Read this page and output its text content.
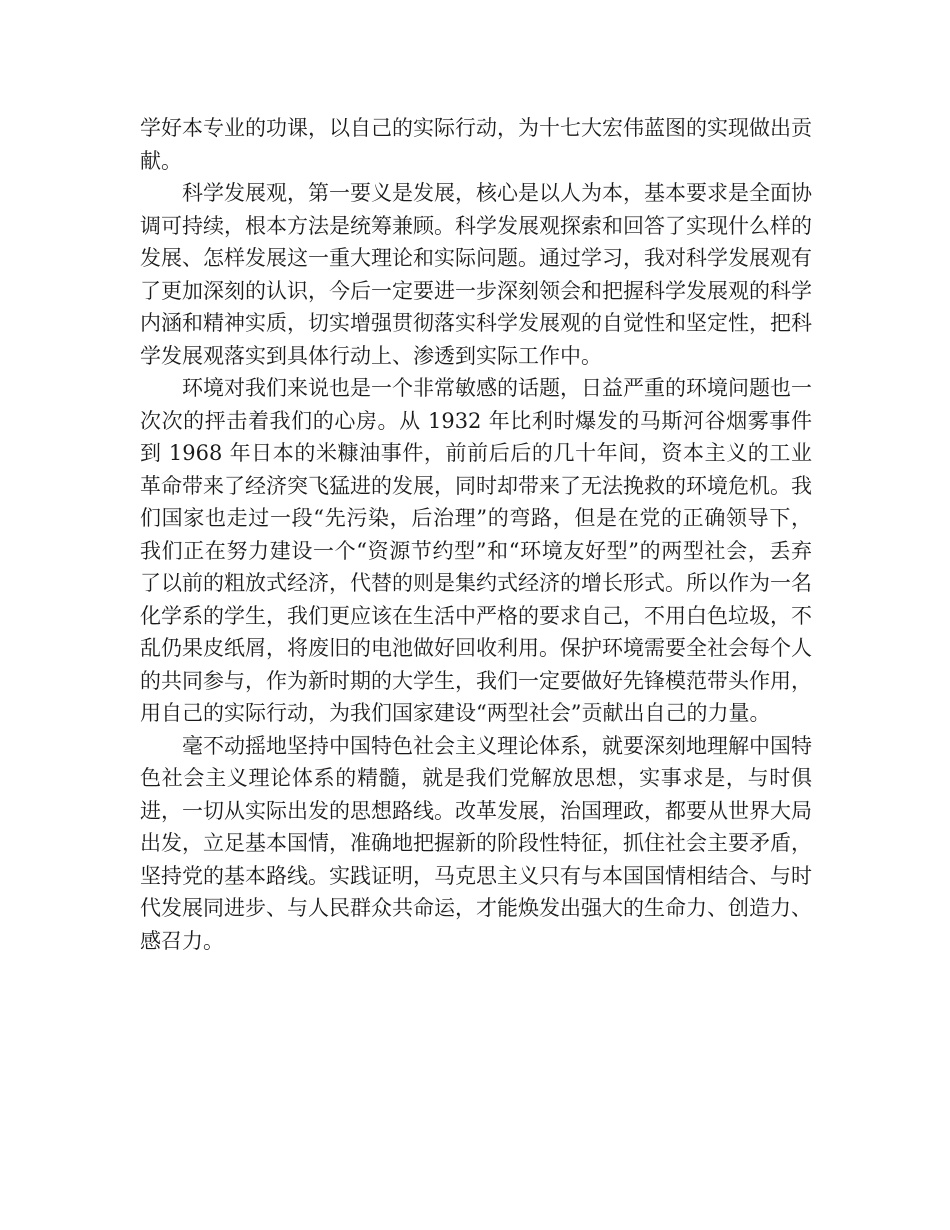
学好本专业的功课，以自己的实际行动，为十七大宏伟蓝图的实现做出贡献。

科学发展观，第一要义是发展，核心是以人为本，基本要求是全面协调可持续，根本方法是统筹兼顾。科学发展观探索和回答了实现什么样的发展、怎样发展这一重大理论和实际问题。通过学习，我对科学发展观有了更加深刻的认识，今后一定要进一步深刻领会和把握科学发展观的科学内涵和精神实质，切实增强贯彻落实科学发展观的自觉性和坚定性，把科学发展观落实到具体行动上、渗透到实际工作中。

环境对我们来说也是一个非常敏感的话题，日益严重的环境问题也一次次的抨击着我们的心房。从 1932 年比利时爆发的马斯河谷烟雾事件到 1968 年日本的米糠油事件，前前后后的几十年间，资本主义的工业革命带来了经济突飞猛进的发展，同时却带来了无法挽救的环境危机。我们国家也走过一段“先污染，后治理”的弯路，但是在党的正确领导下，我们正在努力建设一个“资源节约型”和“环境友好型”的两型社会，丢弃了以前的粗放式经济，代替的则是集约式经济的增长形式。所以作为一名化学系的学生，我们更应该在生活中严格的要求自己，不用白色垃圾，不乱仍果皮纸屑，将废旧的电池做好回收利用。保护环境需要全社会每个人的共同参与，作为新时期的大学生，我们一定要做好先锋模范带头作用，用自己的实际行动，为我们国家建设“两型社会”贡献出自己的力量。

毫不动摇地坚持中国特色社会主义理论体系，就要深刻地理解中国特色社会主义理论体系的精髓，就是我们党解放思想，实事求是，与时俱进，一切从实际出发的思想路线。改革发展，治国理政，都要从世界大局出发，立足基本国情，准确地把握新的阶段性特征，抓住社会主要矛盾，坚持党的基本路线。实践证明，马克思主义只有与本国国情相结合、与时代发展同进步、与人民群众共命运，才能焕发出强大的生命力、创造力、感召力。
